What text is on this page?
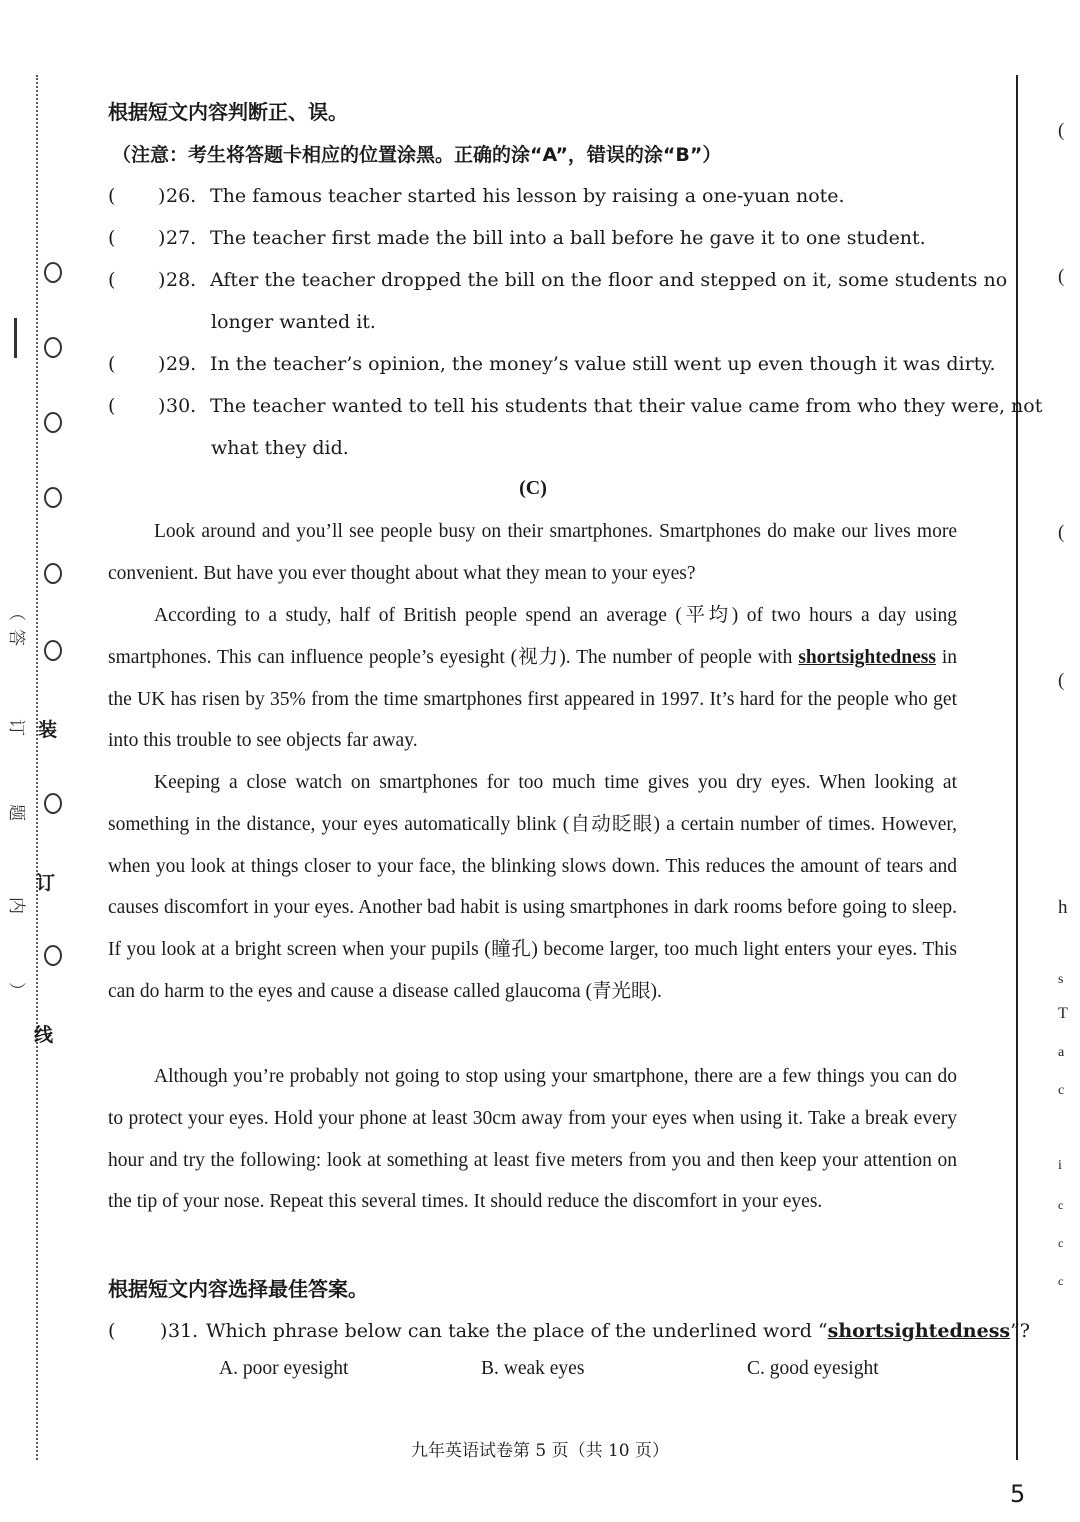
装
订
线
（
答
订
题
内
）
(
(
(
(
h
s
T
a
c
i
c
c
c
根据短文内容判断正、误。
（注意：考生将答题卡相应的位置涂黑。正确的涂“A”，错误的涂“B”）
(	) 26. The famous teacher started his lesson by raising a one-yuan note.
(	) 27. The teacher first made the bill into a ball before he gave it to one student.
(	) 28. After the teacher dropped the bill on the floor and stepped on it, some students no
longer wanted it.
(	) 29. In the teacher’s opinion, the money’s value still went up even though it was dirty.
(	) 30. The teacher wanted to tell his students that their value came from who they were, not
what they did.
(C)
Look around and you’ll see people busy on their smartphones. Smartphones do make our lives more convenient. But have you ever thought about what they mean to your eyes?
According to a study, half of British people spend an average (平均) of two hours a day using smartphones. This can influence people’s eyesight (视力). The number of people with shortsightedness in the UK has risen by 35% from the time smartphones first appeared in 1997. It’s hard for the people who get into this trouble to see objects far away.
Keeping a close watch on smartphones for too much time gives you dry eyes. When looking at something in the distance, your eyes automatically blink (自动眨眼) a certain number of times. However, when you look at things closer to your face, the blinking slows down. This reduces the amount of tears and causes discomfort in your eyes. Another bad habit is using smartphones in dark rooms before going to sleep. If you look at a bright screen when your pupils (瞳孔) become larger, too much light enters your eyes. This can do harm to the eyes and cause a disease called glaucoma (青光眼).
Although you’re probably not going to stop using your smartphone, there are a few things you can do to protect your eyes. Hold your phone at least 30cm away from your eyes when using it. Take a break every hour and try the following: look at something at least five meters from you and then keep your attention on the tip of your nose. Repeat this several times. It should reduce the discomfort in your eyes.
根据短文内容选择最佳答案。
(	) 31. Which phrase below can take the place of the underlined word “shortsightedness”?
A. poor eyesight	B. weak eyes	C. good eyesight
九年英语试卷第 5 页（共 10 页）
5
